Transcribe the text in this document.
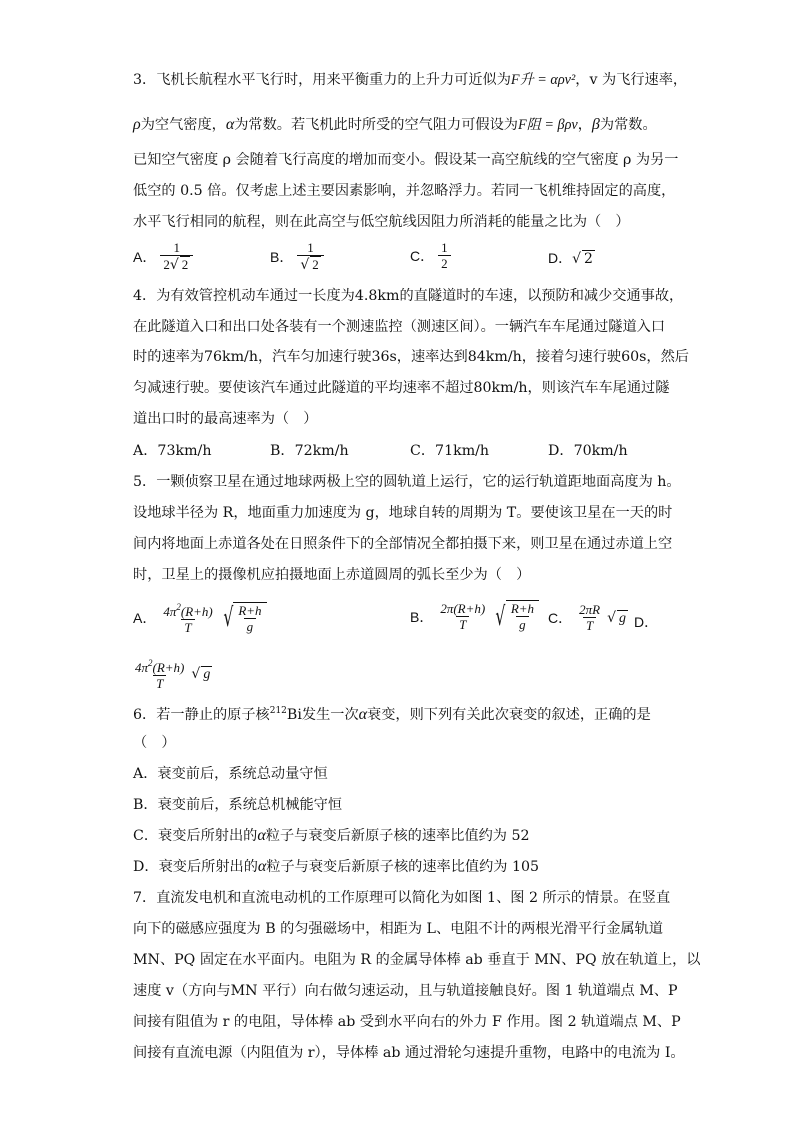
3．飞机长航程水平飞行时，用来平衡重力的上升力可近似为F升 = αρv²，v 为飞行速率，
ρ为空气密度，α为常数。若飞机此时所受的空气阻力可假设为F阻 = βρv，β为常数。
已知空气密度 ρ 会随着飞行高度的增加而变小。假设某一高空航线的空气密度 ρ 为另一
低空的 0.5 倍。仅考虑上述主要因素影响，并忽略浮力。若同一飞机维持固定的高度，
水平飞行相同的航程，则在此高空与低空航线因阻力所消耗的能量之比为（　）
A． $\frac{1}{2√ 2}$	B． $\frac{1}{√ 2}$	C． $\frac{1}{2}$	D． √ 2
4．为有效管控机动车通过一长度为4.8km的直隧道时的车速，以预防和减少交通事故，
在此隧道入口和出口处各装有一个测速监控（测速区间）。一辆汽车车尾通过隧道入口
时的速率为76km/h，汽车匀加速行驶36s，速率达到84km/h，接着匀速行驶60s，然后
匀减速行驶。要使该汽车通过此隧道的平均速率不超过80km/h，则该汽车车尾通过隧
道出口时的最高速率为（　）
A．73km/h	B．72km/h	C．71km/h	D．70km/h
5．一颗侦察卫星在通过地球两极上空的圆轨道上运行，它的运行轨道距地面高度为 h。
设地球半径为 R，地面重力加速度为 g，地球自转的周期为 T。要使该卫星在一天的时
间内将地面上赤道各处在日照条件下的全部情况全都拍摄下来，则卫星在通过赤道上空
时，卫星上的摄像机应拍摄地面上赤道圆周的弧长至少为（　）
A． $\frac{4\pi^2(R+h)}{T}$ √ $\frac{R+h}{g}$	B． $\frac{2\pi(R+h)}{T}$ √ $\frac{R+h}{g}$ C． $\frac{2\pi R}{T}$ √ g D．
$\frac{4\pi^2(R+h)}{T}$ √ g
6．若一静止的原子核$^{212}$Bi发生一次α衰变，则下列有关此次衰变的叙述，正确的是
（　）
A．衰变前后，系统总动量守恒
B．衰变前后，系统总机械能守恒
C．衰变后所射出的α粒子与衰变后新原子核的速率比值约为 52
D．衰变后所射出的α粒子与衰变后新原子核的速率比值约为 105
7．直流发电机和直流电动机的工作原理可以简化为如图 1、图 2 所示的情景。在竖直
向下的磁感应强度为 B 的匀强磁场中，相距为 L、电阻不计的两根光滑平行金属轨道
MN、PQ 固定在水平面内。电阻为 R 的金属导体棒 ab 垂直于 MN、PQ 放在轨道上，以
速度 v（方向与MN 平行）向右做匀速运动，且与轨道接触良好。图 1 轨道端点 M、P
间接有阻值为 r 的电阻，导体棒 ab 受到水平向右的外力 F 作用。图 2 轨道端点 M、P
间接有直流电源（内阻值为 r），导体棒 ab 通过滑轮匀速提升重物，电路中的电流为 I。
